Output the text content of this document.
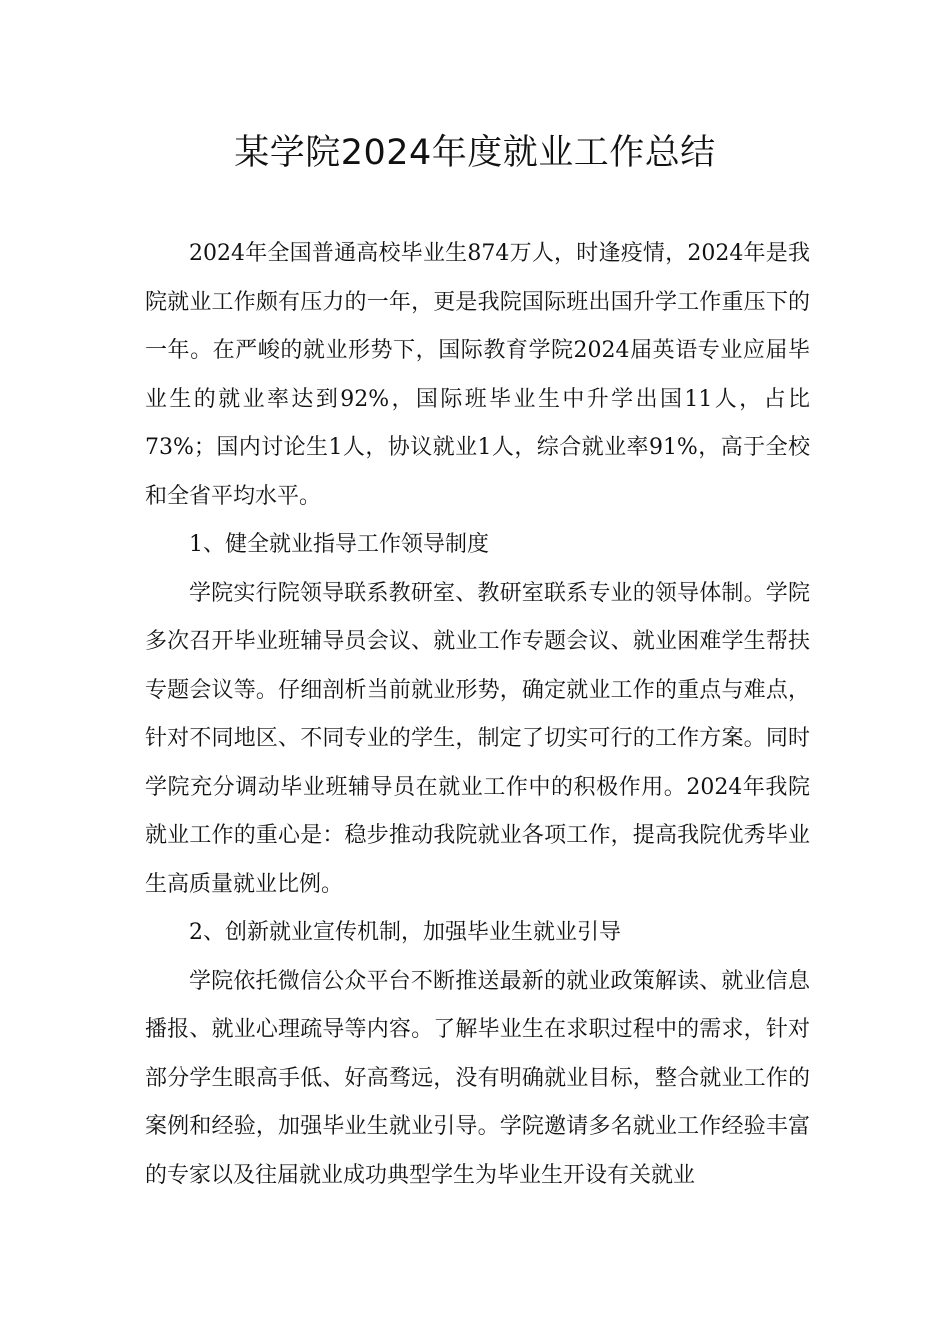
某学院2024年度就业工作总结

2024年全国普通高校毕业生874万人，时逢疫情，2024年是我院就业工作颇有压力的一年，更是我院国际班出国升学工作重压下的一年。在严峻的就业形势下，国际教育学院2024届英语专业应届毕业生的就业率达到92%，国际班毕业生中升学出国11人，占比73%；国内讨论生1人，协议就业1人，综合就业率91%，高于全校和全省平均水平。

1、健全就业指导工作领导制度

学院实行院领导联系教研室、教研室联系专业的领导体制。学院多次召开毕业班辅导员会议、就业工作专题会议、就业困难学生帮扶专题会议等。仔细剖析当前就业形势，确定就业工作的重点与难点，针对不同地区、不同专业的学生，制定了切实可行的工作方案。同时学院充分调动毕业班辅导员在就业工作中的积极作用。2024年我院就业工作的重心是：稳步推动我院就业各项工作，提高我院优秀毕业生高质量就业比例。

2、创新就业宣传机制，加强毕业生就业引导

学院依托微信公众平台不断推送最新的就业政策解读、就业信息播报、就业心理疏导等内容。了解毕业生在求职过程中的需求，针对部分学生眼高手低、好高骛远，没有明确就业目标，整合就业工作的案例和经验，加强毕业生就业引导。学院邀请多名就业工作经验丰富的专家以及往届就业成功典型学生为毕业生开设有关就业
